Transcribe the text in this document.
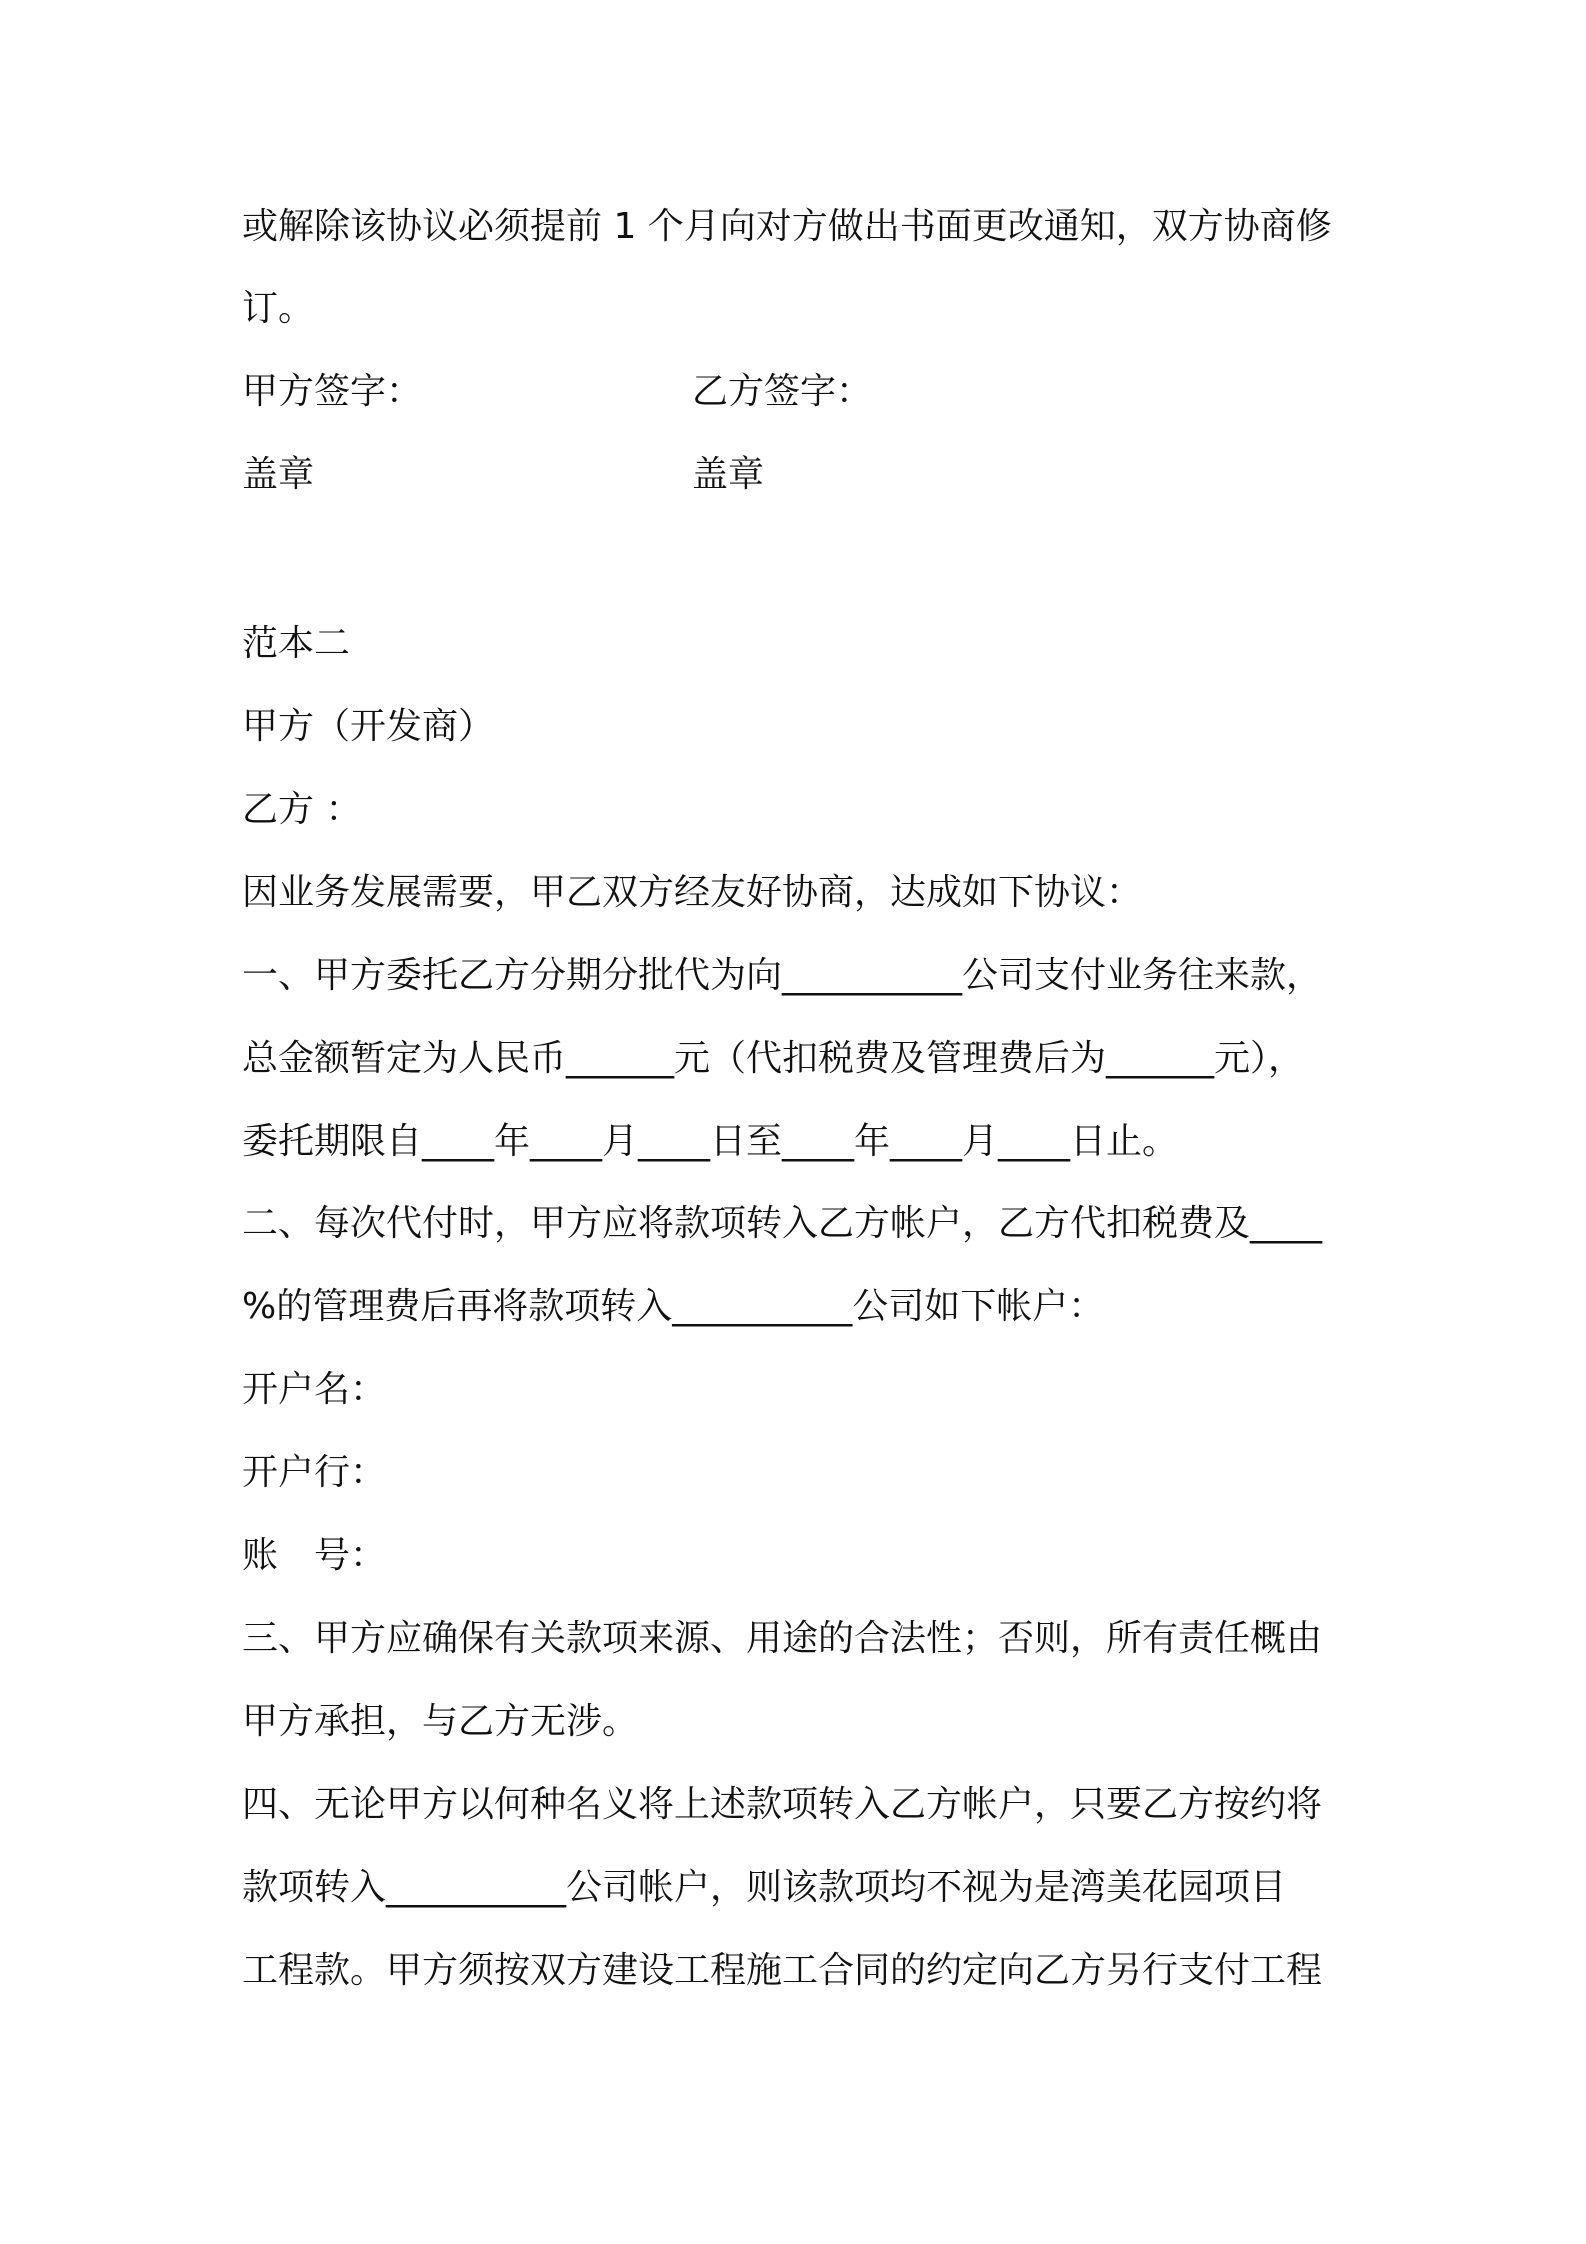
或解除该协议必须提前 1 个月向对方做出书面更改通知，双方协商修
订。
甲方签字：	乙方签字：
盖章	盖章
范本二
甲方（开发商）
乙方 ：
因业务发展需要，甲乙双方经友好协商，达成如下协议：
一、甲方委托乙方分期分批代为向__________公司支付业务往来款，
总金额暂定为人民币______元（代扣税费及管理费后为______元），
委托期限自____年____月____日至____年____月____日止。
二、每次代付时，甲方应将款项转入乙方帐户，乙方代扣税费及____
%的管理费后再将款项转入__________公司如下帐户：
开户名：
开户行：
账　号：
三、甲方应确保有关款项来源、用途的合法性；否则，所有责任概由
甲方承担，与乙方无涉。
四、无论甲方以何种名义将上述款项转入乙方帐户，只要乙方按约将
款项转入__________公司帐户，则该款项均不视为是湾美花园项目
工程款。甲方须按双方建设工程施工合同的约定向乙方另行支付工程
